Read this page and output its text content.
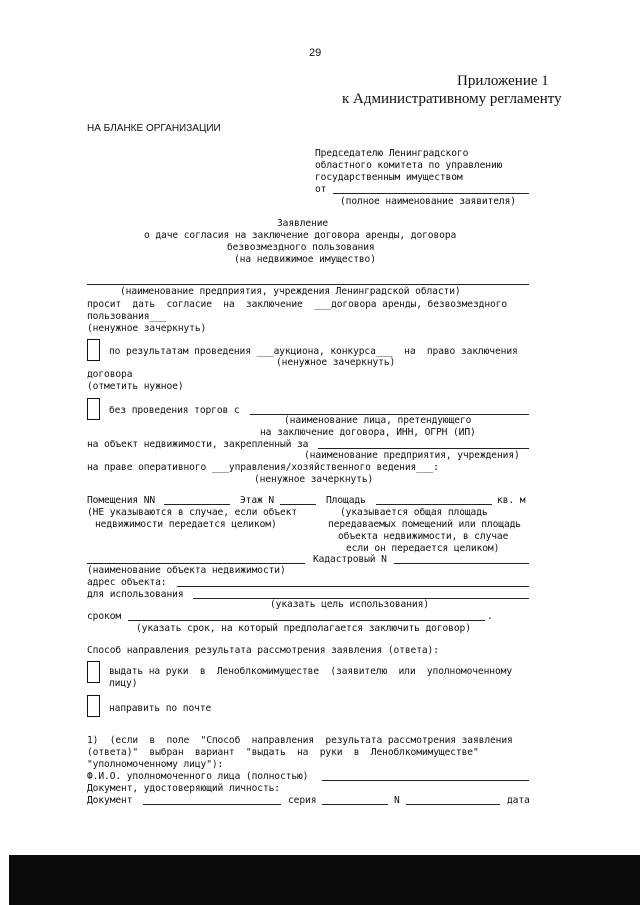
29
Приложение 1
к Административному регламенту
НА БЛАНКЕ ОРГАНИЗАЦИИ
Председателю Ленинградского
областного комитета по управлению
государственным имуществом
от
(полное наименование заявителя)
Заявление
о даче согласия на заключение договора аренды, договора
безвозмездного пользования
(на недвижимое имущество)
(наименование предприятия, учреждения Ленинградской области)
просит  дать  согласие  на  заключение  ___договора аренды, безвозмездного
пользования___
(ненужное зачеркнуть)
по результатам проведения ___аукциона, конкурса___  на  право заключения
(ненужное зачеркнуть)
договора
(отметить нужное)
без проведения торгов с
(наименование лица, претендующего
на заключение договора, ИНН, ОГРН (ИП)
на объект недвижимости, закрепленный за
(наименование предприятия, учреждения)
на праве оперативного ___управления/хозяйственного ведения___:
(ненужное зачеркнуть)
Помещения NN	Этаж N	Площадь	кв. м
(НЕ указываются в случае, если объект
недвижимости передается целиком)
(указывается общая площадь
передаваемых помещений или площадь
объекта недвижимости, в случае
если он передается целиком)
Кадастровый N
(наименование объекта недвижимости)
адрес объекта:
для использования
(указать цель использования)
сроком	.
(указать срок, на который предполагается заключить договор)
Способ направления результата рассмотрения заявления (ответа):
выдать на руки  в  Леноблкомимуществе  (заявителю  или  уполномоченному
лицу)
направить по почте
1)  (если  в  поле  "Способ  направления  результата рассмотрения заявления
(ответа)"  выбран  вариант  "выдать  на  руки  в  Леноблкомимуществе"
"уполномоченному лицу"):
Ф.И.О. уполномоченного лица (полностью)
Документ, удостоверяющий личность:
Документ	серия	N	дата
